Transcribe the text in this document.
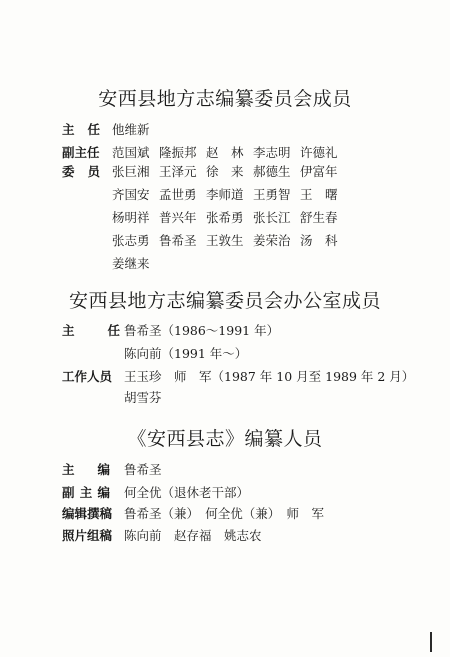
安西县地方志编纂委员会成员
主 任 他维新
副主任 范国斌 隆振邦 赵　林 李志明 许德礼
委 员 张巨湘 王泽元 徐　来 郝德生 伊富年
齐国安 孟世勇 李师道 王勇智 王　曙
杨明祥 普兴年 张希勇 张长江 舒生春
张志勇 鲁希圣 王敦生 姜荣治 汤　科
姜继来
安西县地方志编纂委员会办公室成员
主	任 鲁希圣（1986～1991 年）
陈向前（1991 年～）
工作人员 王玉珍　师　军（1987 年 10 月至 1989 年 2 月）
胡雪芬
《安西县志》编纂人员
主 编 鲁希圣
副 主 编 何全优（退休老干部）
编辑撰稿 鲁希圣（兼）　何全优（兼）　师　军
照片组稿 陈向前　赵存福　姚志农
